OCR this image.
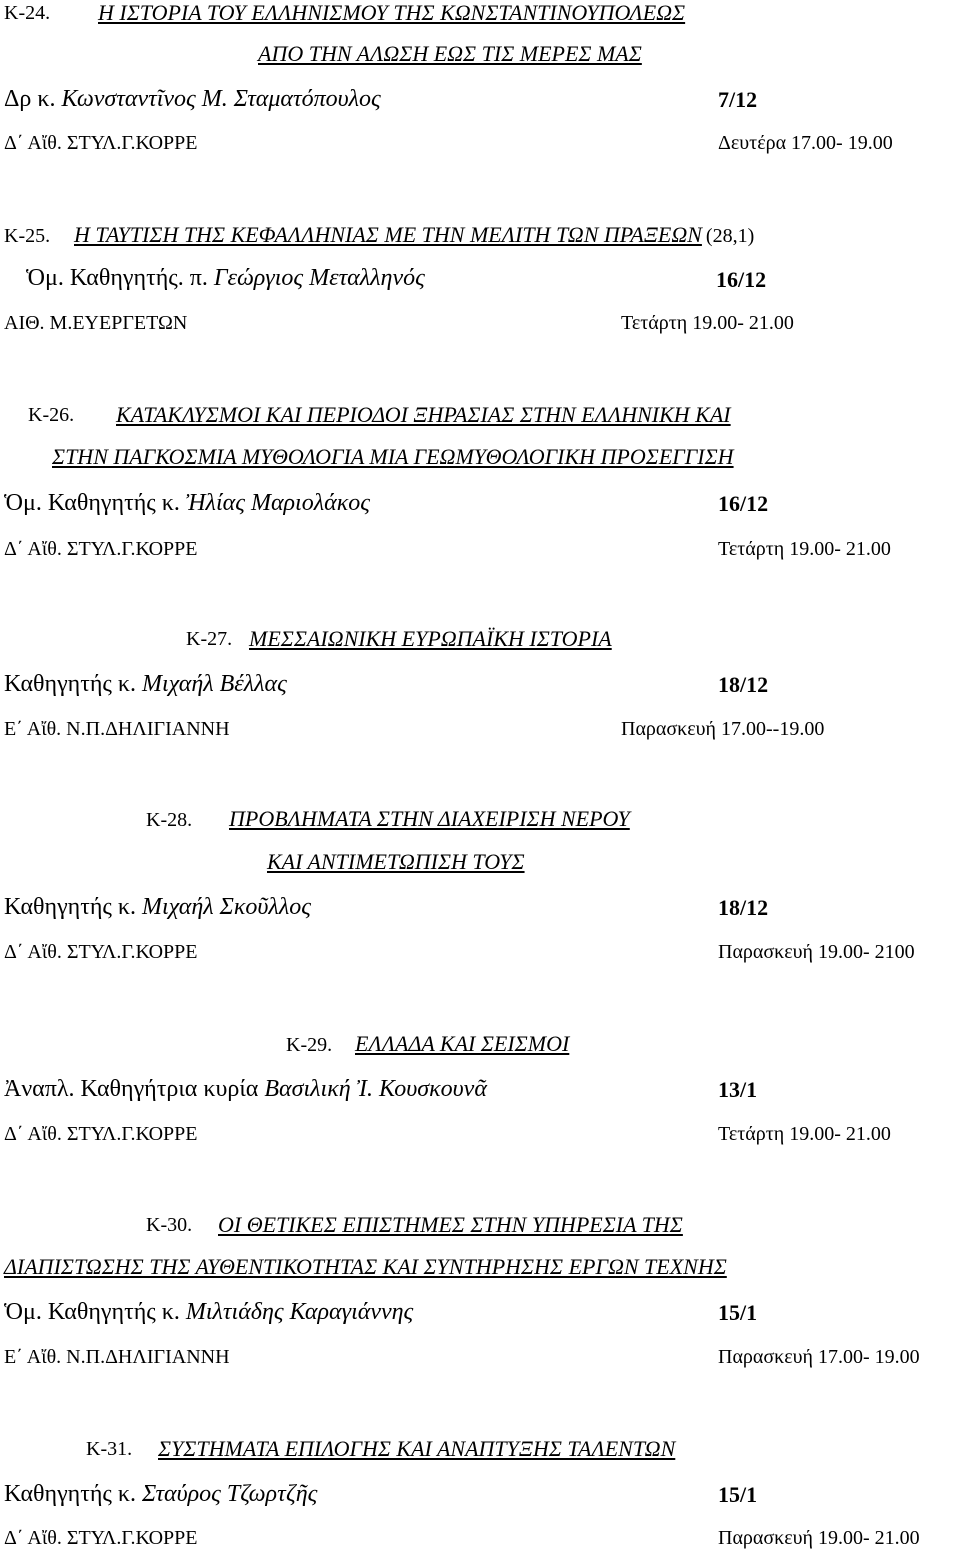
Κ-24. Η ΙΣΤΟΡΙΑ ΤΟΥ ΕΛΛΗΝΙΣΜΟΥ ΤΗΣ ΚΩΝΣΤΑΝΤΙΝΟΥΠΟΛΕΩΣ
ΑΠΟ ΤΗΝ ΑΛΩΣΗ ΕΩΣ ΤΙΣ ΜΕΡΕΣ ΜΑΣ
Δρ κ. Κωνσταντῖνος Μ. Σταματόπουλος	7/12
Δ΄ Αἴθ. ΣΤΥΛ.Γ.ΚΟΡΡΕ	Δευτέρα 17.00- 19.00
Κ-25. Η ΤΑΥΤΙΣΗ ΤΗΣ ΚΕΦΑΛΛΗΝΙΑΣ ΜΕ ΤΗΝ ΜΕΛΙΤΗ ΤΩΝ ΠΡΑΞΕΩΝ (28,1)
Ὁμ. Καθηγητής. π. Γεώργιος Μεταλληνός	16/12
ΑΙΘ. Μ.ΕΥΕΡΓΕΤΩΝ	Τετάρτη 19.00- 21.00
Κ-26. ΚΑΤΑΚΛΥΣΜΟΙ ΚΑΙ ΠΕΡΙΟΔΟΙ ΞΗΡΑΣΙΑΣ ΣΤΗΝ ΕΛΛΗΝΙΚΗ ΚΑΙ
ΣΤΗΝ ΠΑΓΚΟΣΜΙΑ ΜΥΘΟΛΟΓΙΑ ΜΙΑ ΓΕΩΜΥΘΟΛΟΓΙΚΗ ΠΡΟΣΕΓΓΙΣΗ
Ὁμ. Καθηγητής κ. Ἠλίας Μαριολάκος	16/12
Δ΄ Αἴθ. ΣΤΥΛ.Γ.ΚΟΡΡΕ	Τετάρτη 19.00- 21.00
Κ-27. ΜΕΣΣΑΙΩΝΙΚΗ ΕΥΡΩΠΑΪΚΗ ΙΣΤΟΡΙΑ
Καθηγητής κ. Μιχαήλ Βέλλας	18/12
Ε΄ Αἴθ. Ν.Π.ΔΗΛΙΓΙΑΝΝΗ	Παρασκευή 17.00--19.00
Κ-28. ΠΡΟΒΛΗΜΑΤΑ ΣΤΗΝ ΔΙΑΧΕΙΡΙΣΗ ΝΕΡΟΥ
ΚΑΙ ΑΝΤΙΜΕΤΩΠΙΣΗ ΤΟΥΣ
Καθηγητής κ. Μιχαήλ Σκοῦλλος	18/12
Δ΄ Αἴθ. ΣΤΥΛ.Γ.ΚΟΡΡΕ	Παρασκευή 19.00- 2100
Κ-29. ΕΛΛΑΔΑ ΚΑΙ ΣΕΙΣΜΟΙ
Ἀναπλ. Καθηγήτρια κυρία Βασιλική Ἰ. Κουσκουνᾶ	13/1
Δ΄ Αἴθ. ΣΤΥΛ.Γ.ΚΟΡΡΕ	Τετάρτη 19.00- 21.00
Κ-30. ΟΙ ΘΕΤΙΚΕΣ ΕΠΙΣΤΗΜΕΣ ΣΤΗΝ ΥΠΗΡΕΣΙΑ ΤΗΣ
ΔΙΑΠΙΣΤΩΣΗΣ ΤΗΣ ΑΥΘΕΝΤΙΚΟΤΗΤΑΣ ΚΑΙ ΣΥΝΤΗΡΗΣΗΣ ΕΡΓΩΝ ΤΕΧΝΗΣ
Ὁμ. Καθηγητής κ. Μιλτιάδης Καραγιάννης	15/1
Ε΄ Αἴθ. Ν.Π.ΔΗΛΙΓΙΑΝΝΗ	Παρασκευή 17.00- 19.00
Κ-31. ΣΥΣΤΗΜΑΤΑ ΕΠΙΛΟΓΗΣ ΚΑΙ ΑΝΑΠΤΥΞΗΣ ΤΑΛΕΝΤΩΝ
Καθηγητής κ. Σταύρος Τζωρτζῆς	15/1
Δ΄ Αἴθ. ΣΤΥΛ.Γ.ΚΟΡΡΕ	Παρασκευή 19.00- 21.00
